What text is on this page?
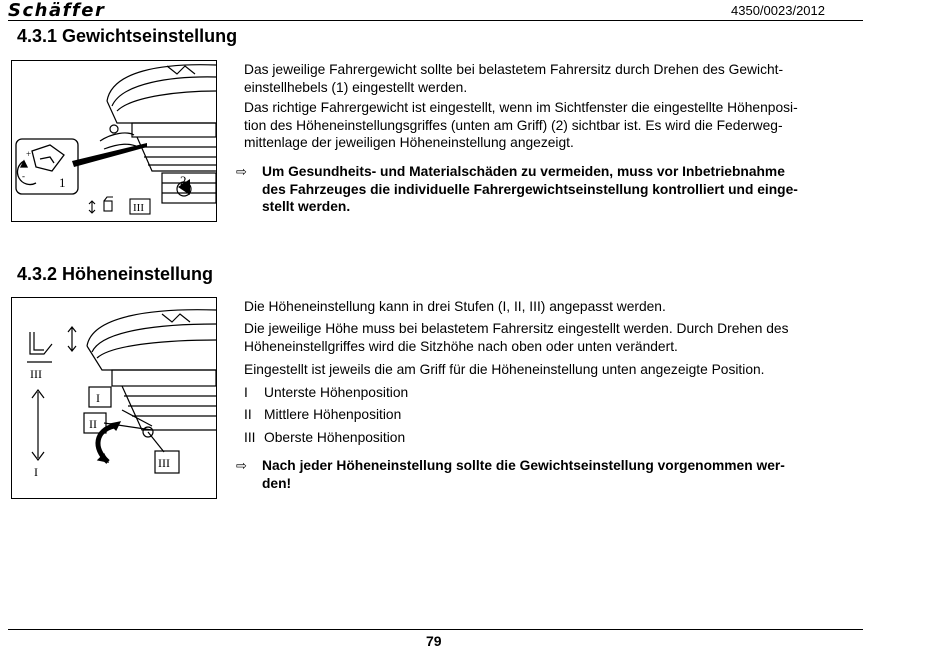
Schäffer	4350/0023/2012
4.3.1 Gewichtseinstellung
+
-	1	2
III

Das jeweilige Fahrergewicht sollte bei belastetem Fahrersitz durch Drehen des Gewicht-
einstellhebels (1) eingestellt werden.

Das richtige Fahrergewicht ist eingestellt, wenn im Sichtfenster die eingestellte Höhenposi-
tion des Höheneinstellungsgriffes (unten am Griff) (2) sichtbar ist. Es wird die Federweg-
mittenlage der jeweiligen Höheneinstellung angezeigt.

⇨ Um Gesundheits- und Materialschäden zu vermeiden, muss vor Inbetriebnahme
des Fahrzeuges die individuelle Fahrergewichtseinstellung kontrolliert und einge-
stellt werden.
4.3.2 Höheneinstellung
III
I
I
II
III

Die Höheneinstellung kann in drei Stufen (I, II, III) angepasst werden.

Die jeweilige Höhe muss bei belastetem Fahrersitz eingestellt werden. Durch Drehen des
Höheneinstellgriffes wird die Sitzhöhe nach oben oder unten verändert.

Eingestellt ist jeweils die am Griff für die Höheneinstellung unten angezeigte Position.

I Unterste Höhenposition
II Mittlere Höhenposition
III Oberste Höhenposition
⇨ Nach jeder Höheneinstellung sollte die Gewichtseinstellung vorgenommen wer-
den!
79
